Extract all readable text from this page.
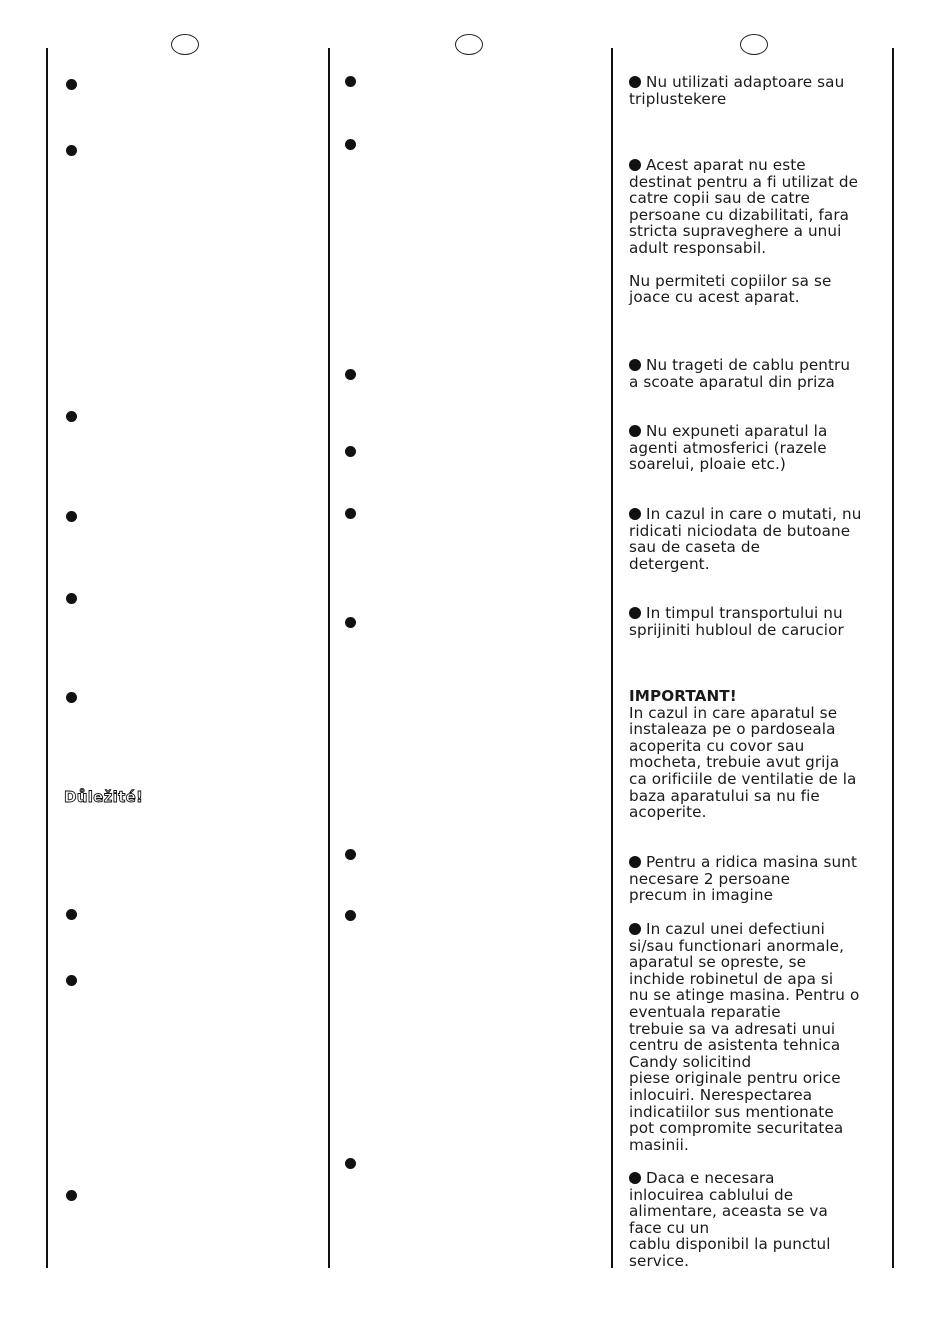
Důležité!

Nu utilizati adaptoare sau

triplustekere

Acest aparat nu este

destinat pentru a fi utilizat de

catre copii sau de catre

persoane cu dizabilitati, fara

stricta supraveghere a unui

adult responsabil.

Nu permiteti copiilor sa se

joace cu acest aparat.

Nu trageti de cablu pentru

a scoate aparatul din priza

Nu expuneti aparatul la

agenti atmosferici (razele

soarelui, ploaie etc.)

In cazul in care o mutati, nu

ridicati niciodata de butoane

sau de caseta de

detergent.

In timpul transportului nu

sprijiniti hubloul de carucior

IMPORTANT!

In cazul in care aparatul se

instaleaza pe o pardoseala

acoperita cu covor sau

mocheta, trebuie avut grija

ca orificiile de ventilatie de la

baza aparatului sa nu fie

acoperite.

Pentru a ridica masina sunt

necesare 2 persoane

precum in imagine

In cazul unei defectiuni

si/sau functionari anormale,

aparatul se opreste, se

inchide robinetul de apa si

nu se atinge masina. Pentru o

eventuala reparatie

trebuie sa va adresati unui

centru de asistenta tehnica

Candy solicitind

piese originale pentru orice

inlocuiri. Nerespectarea

indicatiilor sus mentionate

pot compromite securitatea

masinii.

Daca e necesara

inlocuirea cablului de

alimentare, aceasta se va

face cu un

cablu disponibil la punctul

service.
